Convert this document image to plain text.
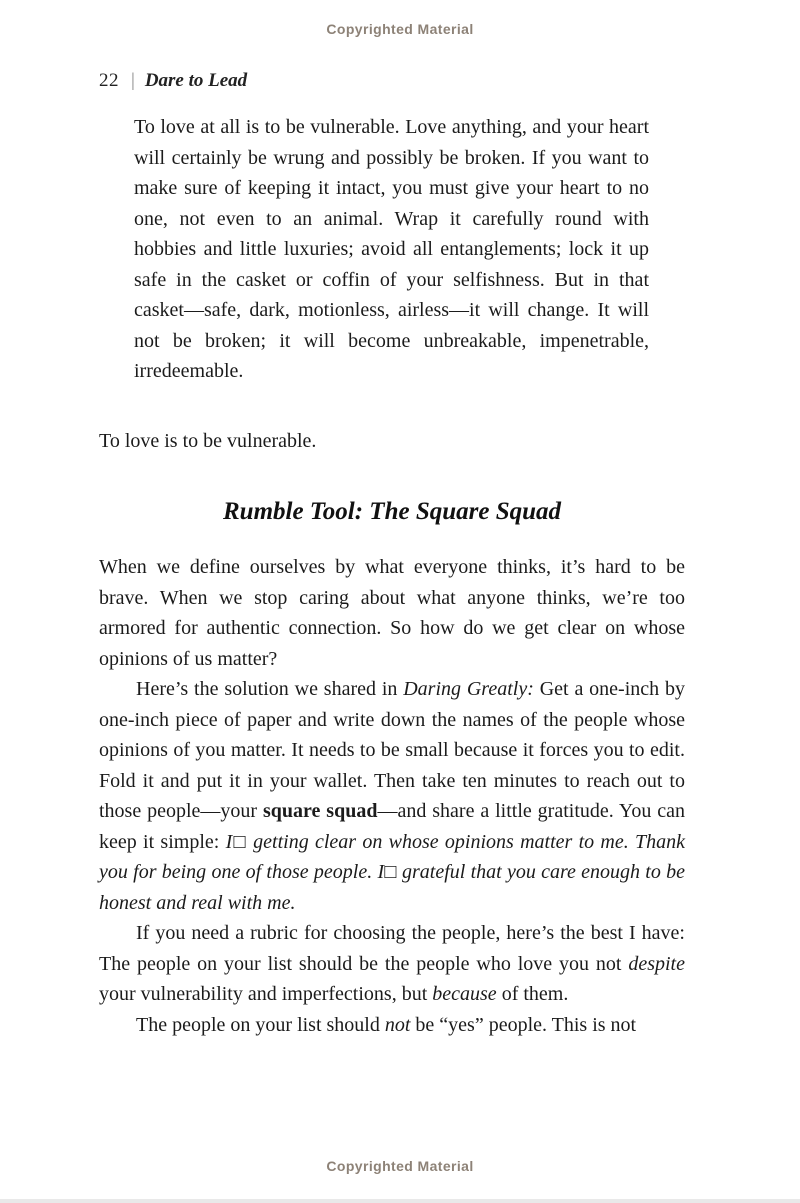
Copyrighted Material
22 | Dare to Lead
To love at all is to be vulnerable. Love anything, and your heart will certainly be wrung and possibly be broken. If you want to make sure of keeping it intact, you must give your heart to no one, not even to an animal. Wrap it carefully round with hobbies and little luxuries; avoid all entanglements; lock it up safe in the casket or coffin of your selfishness. But in that casket—safe, dark, motionless, airless—it will change. It will not be broken; it will become unbreakable, impenetrable, irredeemable.

To love is to be vulnerable.

Rumble Tool: The Square Squad

When we define ourselves by what everyone thinks, it’s hard to be brave. When we stop caring about what anyone thinks, we’re too armored for authentic connection. So how do we get clear on whose opinions of us matter?

Here’s the solution we shared in Daring Greatly: Get a one-inch by one-inch piece of paper and write down the names of the people whose opinions of you matter. It needs to be small because it forces you to edit. Fold it and put it in your wallet. Then take ten minutes to reach out to those people—your square squad—and share a little gratitude. You can keep it simple: I□ getting clear on whose opinions matter to me. Thank you for being one of those people. I□ grateful that you care enough to be honest and real with me.

If you need a rubric for choosing the people, here’s the best I have: The people on your list should be the people who love you not despite your vulnerability and imperfections, but because of them.

The people on your list should not be “yes” people. This is not

Copyrighted Material
